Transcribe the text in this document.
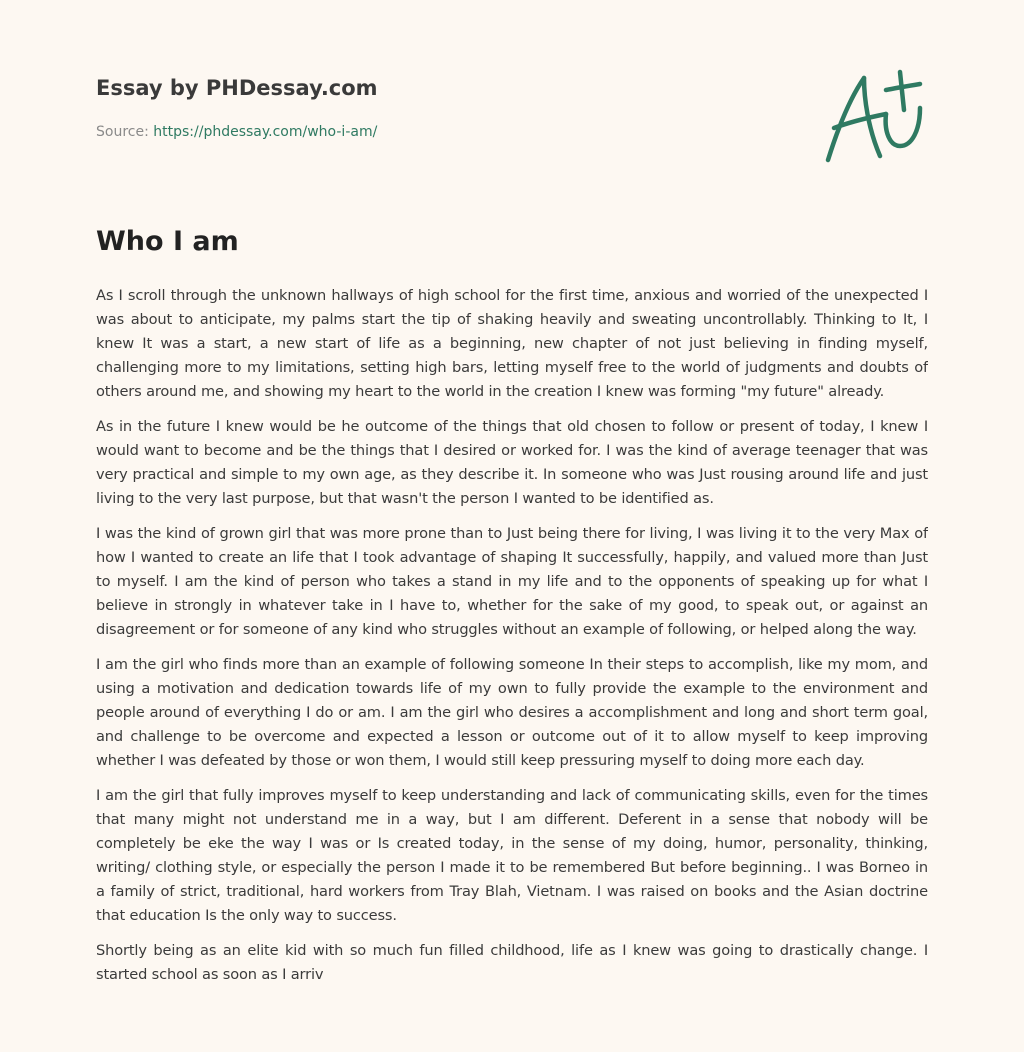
Essay by PHDessay.com
Source: https://phdessay.com/who-i-am/
Who I am

As I scroll through the unknown hallways of high school for the first time, anxious and worried of the unexpected I was about to anticipate, my palms start the tip of shaking heavily and sweating uncontrollably. Thinking to It, I knew It was a start, a new start of life as a beginning, new chapter of not just believing in finding myself, challenging more to my limitations, setting high bars, letting myself free to the world of judgments and doubts of others around me, and showing my heart to the world in the creation I knew was forming "my future" already.

As in the future I knew would be he outcome of the things that old chosen to follow or present of today, I knew I would want to become and be the things that I desired or worked for. I was the kind of average teenager that was very practical and simple to my own age, as they describe it. In someone who was Just rousing around life and just living to the very last purpose, but that wasn't the person I wanted to be identified as.

I was the kind of grown girl that was more prone than to Just being there for living, I was living it to the very Max of how I wanted to create an life that I took advantage of shaping It successfully, happily, and valued more than Just to myself. I am the kind of person who takes a stand in my life and to the opponents of speaking up for what I believe in strongly in whatever take in I have to, whether for the sake of my good, to speak out, or against an disagreement or for someone of any kind who struggles without an example of following, or helped along the way.

I am the girl who finds more than an example of following someone In their steps to accomplish, like my mom, and using a motivation and dedication towards life of my own to fully provide the example to the environment and people around of everything I do or am. I am the girl who desires a accomplishment and long and short term goal, and challenge to be overcome and expected a lesson or outcome out of it to allow myself to keep improving whether I was defeated by those or won them, I would still keep pressuring myself to doing more each day.

I am the girl that fully improves myself to keep understanding and lack of communicating skills, even for the times that many might not understand me in a way, but I am different. Deferent in a sense that nobody will be completely be eke the way I was or Is created today, in the sense of my doing, humor, personality, thinking, writing/ clothing style, or especially the person I made it to be remembered But before beginning.. I was Borneo in a family of strict, traditional, hard workers from Tray Blah, Vietnam. I was raised on books and the Asian doctrine that education Is the only way to success.

Shortly being as an elite kid with so much fun filled childhood, life as I knew was going to drastically change. I started school as soon as I arriv
